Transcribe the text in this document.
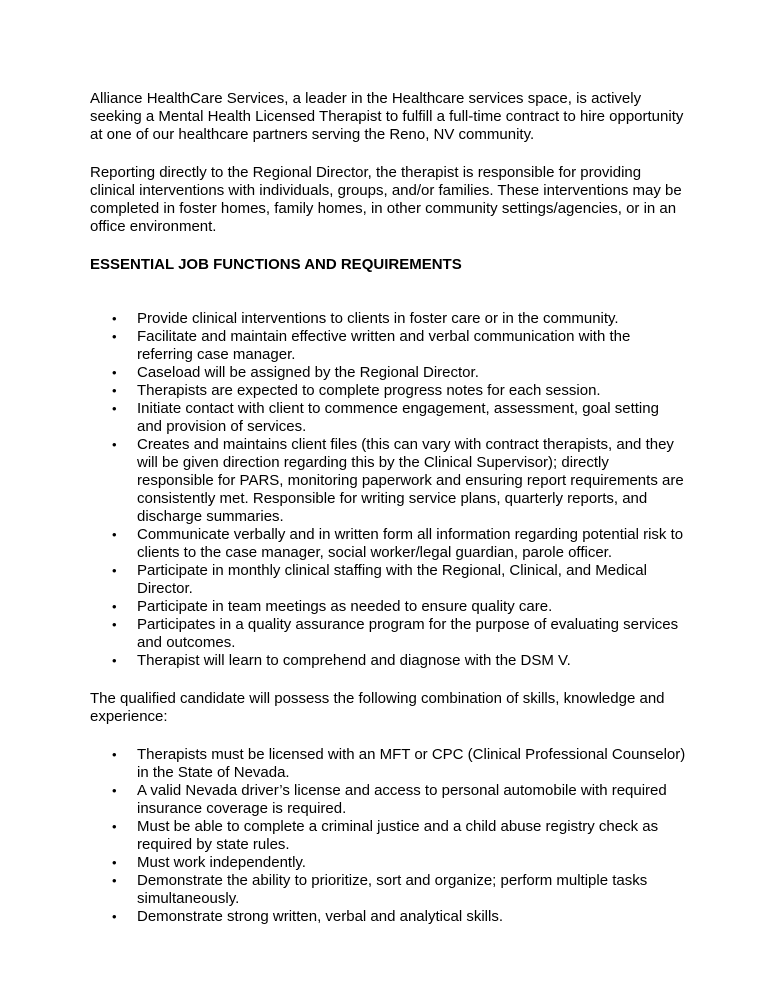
Alliance HealthCare Services, a leader in the Healthcare services space, is actively seeking a Mental Health Licensed Therapist to fulfill a full-time contract to hire opportunity at one of our healthcare partners serving the Reno, NV community.

Reporting directly to the Regional Director, the therapist is responsible for providing clinical interventions with individuals, groups, and/or families. These interventions may be completed in foster homes, family homes, in other community settings/agencies, or in an office environment.

ESSENTIAL JOB FUNCTIONS AND REQUIREMENTS

• Provide clinical interventions to clients in foster care or in the community.
• Facilitate and maintain effective written and verbal communication with the referring case manager.
• Caseload will be assigned by the Regional Director.
• Therapists are expected to complete progress notes for each session.
• Initiate contact with client to commence engagement, assessment, goal setting and provision of services.
• Creates and maintains client files (this can vary with contract therapists, and they will be given direction regarding this by the Clinical Supervisor); directly responsible for PARS, monitoring paperwork and ensuring report requirements are consistently met. Responsible for writing service plans, quarterly reports, and discharge summaries.
• Communicate verbally and in written form all information regarding potential risk to clients to the case manager, social worker/legal guardian, parole officer.
• Participate in monthly clinical staffing with the Regional, Clinical, and Medical Director.
• Participate in team meetings as needed to ensure quality care.
• Participates in a quality assurance program for the purpose of evaluating services and outcomes.
• Therapist will learn to comprehend and diagnose with the DSM V.

The qualified candidate will possess the following combination of skills, knowledge and experience:

• Therapists must be licensed with an MFT or CPC (Clinical Professional Counselor) in the State of Nevada.
• A valid Nevada driver’s license and access to personal automobile with required insurance coverage is required.
• Must be able to complete a criminal justice and a child abuse registry check as required by state rules.
• Must work independently.
• Demonstrate the ability to prioritize, sort and organize; perform multiple tasks simultaneously.
• Demonstrate strong written, verbal and analytical skills.
